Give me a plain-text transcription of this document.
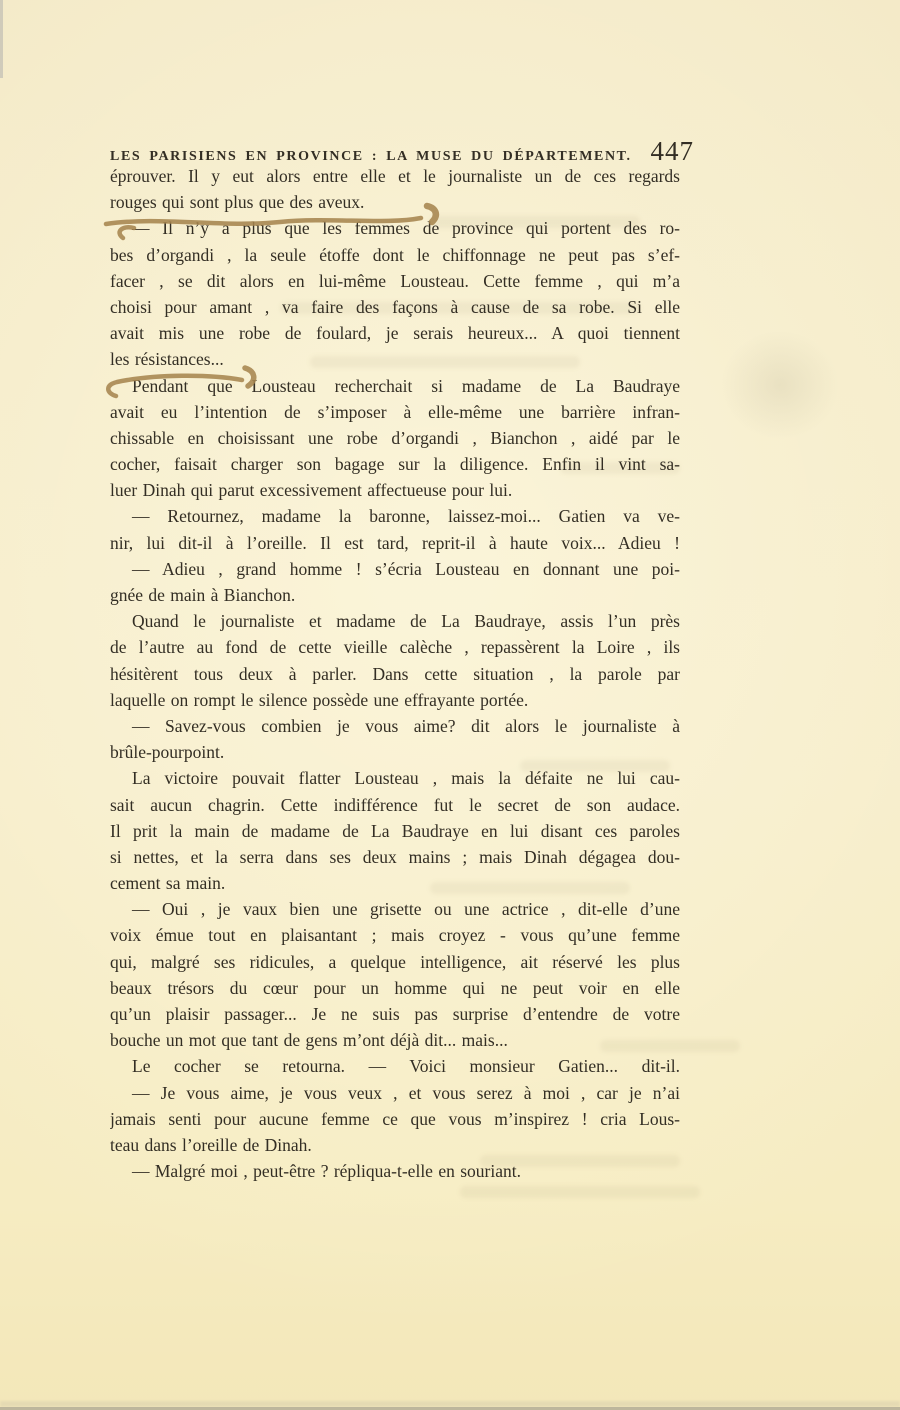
LES PARISIENS EN PROVINCE : LA MUSE DU DÉPARTEMENT. 447
éprouver. Il y eut alors entre elle et le journaliste un de ces regards
rouges qui sont plus que des aveux.
— Il n’y a plus que les femmes de province qui portent des ro-
bes d’organdi , la seule étoffe dont le chiffonnage ne peut pas s’ef-
facer , se dit alors en lui-même Lousteau. Cette femme , qui m’a
choisi pour amant , va faire des façons à cause de sa robe. Si elle
avait mis une robe de foulard, je serais heureux... A quoi tiennent
les résistances...
Pendant que Lousteau recherchait si madame de La Baudraye
avait eu l’intention de s’imposer à elle-même une barrière infran-
chissable en choisissant une robe d’organdi , Bianchon , aidé par le
cocher, faisait charger son bagage sur la diligence. Enfin il vint sa-
luer Dinah qui parut excessivement affectueuse pour lui.
— Retournez, madame la baronne, laissez-moi... Gatien va ve-
nir, lui dit-il à l’oreille. Il est tard, reprit-il à haute voix... Adieu !
— Adieu , grand homme ! s’écria Lousteau en donnant une poi-
gnée de main à Bianchon.
Quand le journaliste et madame de La Baudraye, assis l’un près
de l’autre au fond de cette vieille calèche , repassèrent la Loire , ils
hésitèrent tous deux à parler. Dans cette situation , la parole par
laquelle on rompt le silence possède une effrayante portée.
— Savez-vous combien je vous aime? dit alors le journaliste à
brûle-pourpoint.
La victoire pouvait flatter Lousteau , mais la défaite ne lui cau-
sait aucun chagrin. Cette indifférence fut le secret de son audace.
Il prit la main de madame de La Baudraye en lui disant ces paroles
si nettes, et la serra dans ses deux mains ; mais Dinah dégagea dou-
cement sa main.
— Oui , je vaux bien une grisette ou une actrice , dit-elle d’une
voix émue tout en plaisantant ; mais croyez - vous qu’une femme
qui, malgré ses ridicules, a quelque intelligence, ait réservé les plus
beaux trésors du cœur pour un homme qui ne peut voir en elle
qu’un plaisir passager... Je ne suis pas surprise d’entendre de votre
bouche un mot que tant de gens m’ont déjà dit... mais...
Le cocher se retourna. — Voici monsieur Gatien... dit-il.
— Je vous aime, je vous veux , et vous serez à moi , car je n’ai
jamais senti pour aucune femme ce que vous m’inspirez ! cria Lous-
teau dans l’oreille de Dinah.
— Malgré moi , peut-être ? répliqua-t-elle en souriant.
